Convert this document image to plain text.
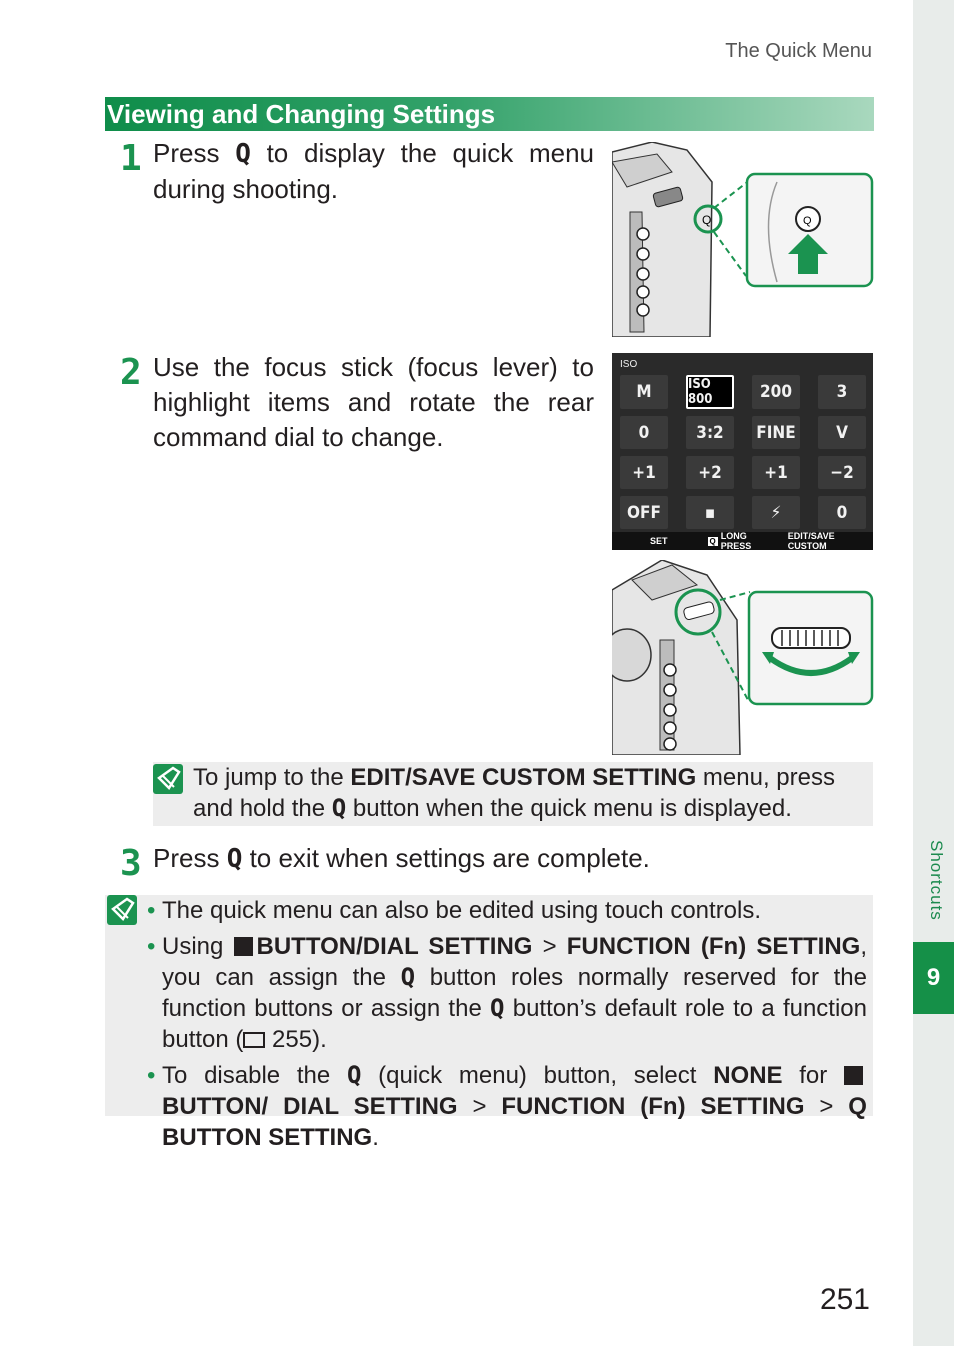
The Quick Menu
Shortcuts
9
Viewing and Changing Settings
1 Press Q to display the quick menu during shooting.
Q	Q
2 Use the focus stick (focus lever) to highlight items and rotate the rear command dial to change.
ISO
M	ISO 800	200	3
0	3:2	FINE	V
+1	+2	+1	−2
OFF	▪	⚡	0
SET	Q LONG PRESS
EDIT/SAVE CUSTOM
To jump to the EDIT/SAVE CUSTOM SETTING menu, press and hold the Q button when the quick menu is displayed.
3 Press Q to exit when settings are complete.
• The quick menu can also be edited using touch controls.
• Using BUTTON/DIAL SETTING > FUNCTION (Fn) SETTING, you can assign the Q button roles normally reserved for the function buttons or assign the Q button’s default role to a function button ( 255).
• To disable the Q (quick menu) button, select NONE for BUTTON/ DIAL SETTING > FUNCTION (Fn) SETTING > Q BUTTON SETTING.
251
